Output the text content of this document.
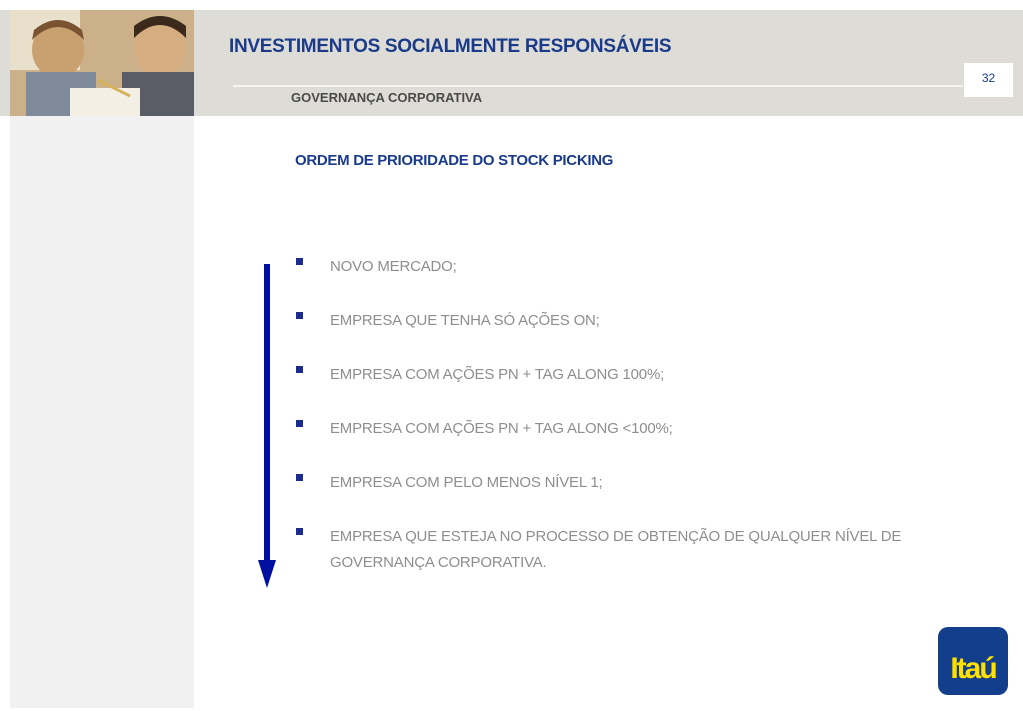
INVESTIMENTOS SOCIALMENTE RESPONSÁVEIS
GOVERNANÇA CORPORATIVA
32
ORDEM DE PRIORIDADE DO STOCK PICKING
NOVO MERCADO;
EMPRESA QUE TENHA SÓ AÇÕES ON;
EMPRESA COM AÇÕES PN + TAG ALONG 100%;
EMPRESA COM AÇÕES PN + TAG ALONG <100%;
EMPRESA COM PELO MENOS NÍVEL 1;
EMPRESA QUE ESTEJA NO PROCESSO DE OBTENÇÃO DE QUALQUER NÍVEL DE GOVERNANÇA CORPORATIVA.
Itaú
